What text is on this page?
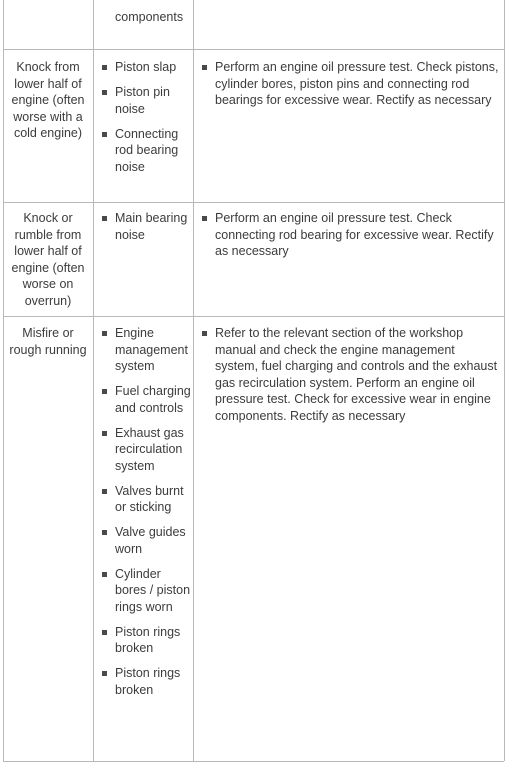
components
Knock from lower half of engine (often worse with a cold engine)
Piston slap
Piston pin noise
Connecting rod bearing noise
Perform an engine oil pressure test. Check pistons, cylinder bores, piston pins and connecting rod bearings for excessive wear. Rectify as necessary
Knock or rumble from lower half of engine (often worse on overrun)
Main bearing noise
Perform an engine oil pressure test. Check connecting rod bearing for excessive wear. Rectify as necessary
Misfire or rough running
Engine management system
Fuel charging and controls
Exhaust gas recirculation system
Valves burnt or sticking
Valve guides worn
Cylinder bores / piston rings worn
Piston rings broken
Piston rings broken
Refer to the relevant section of the workshop manual and check the engine management system, fuel charging and controls and the exhaust gas recirculation system. Perform an engine oil pressure test. Check for excessive wear in engine components. Rectify as necessary
